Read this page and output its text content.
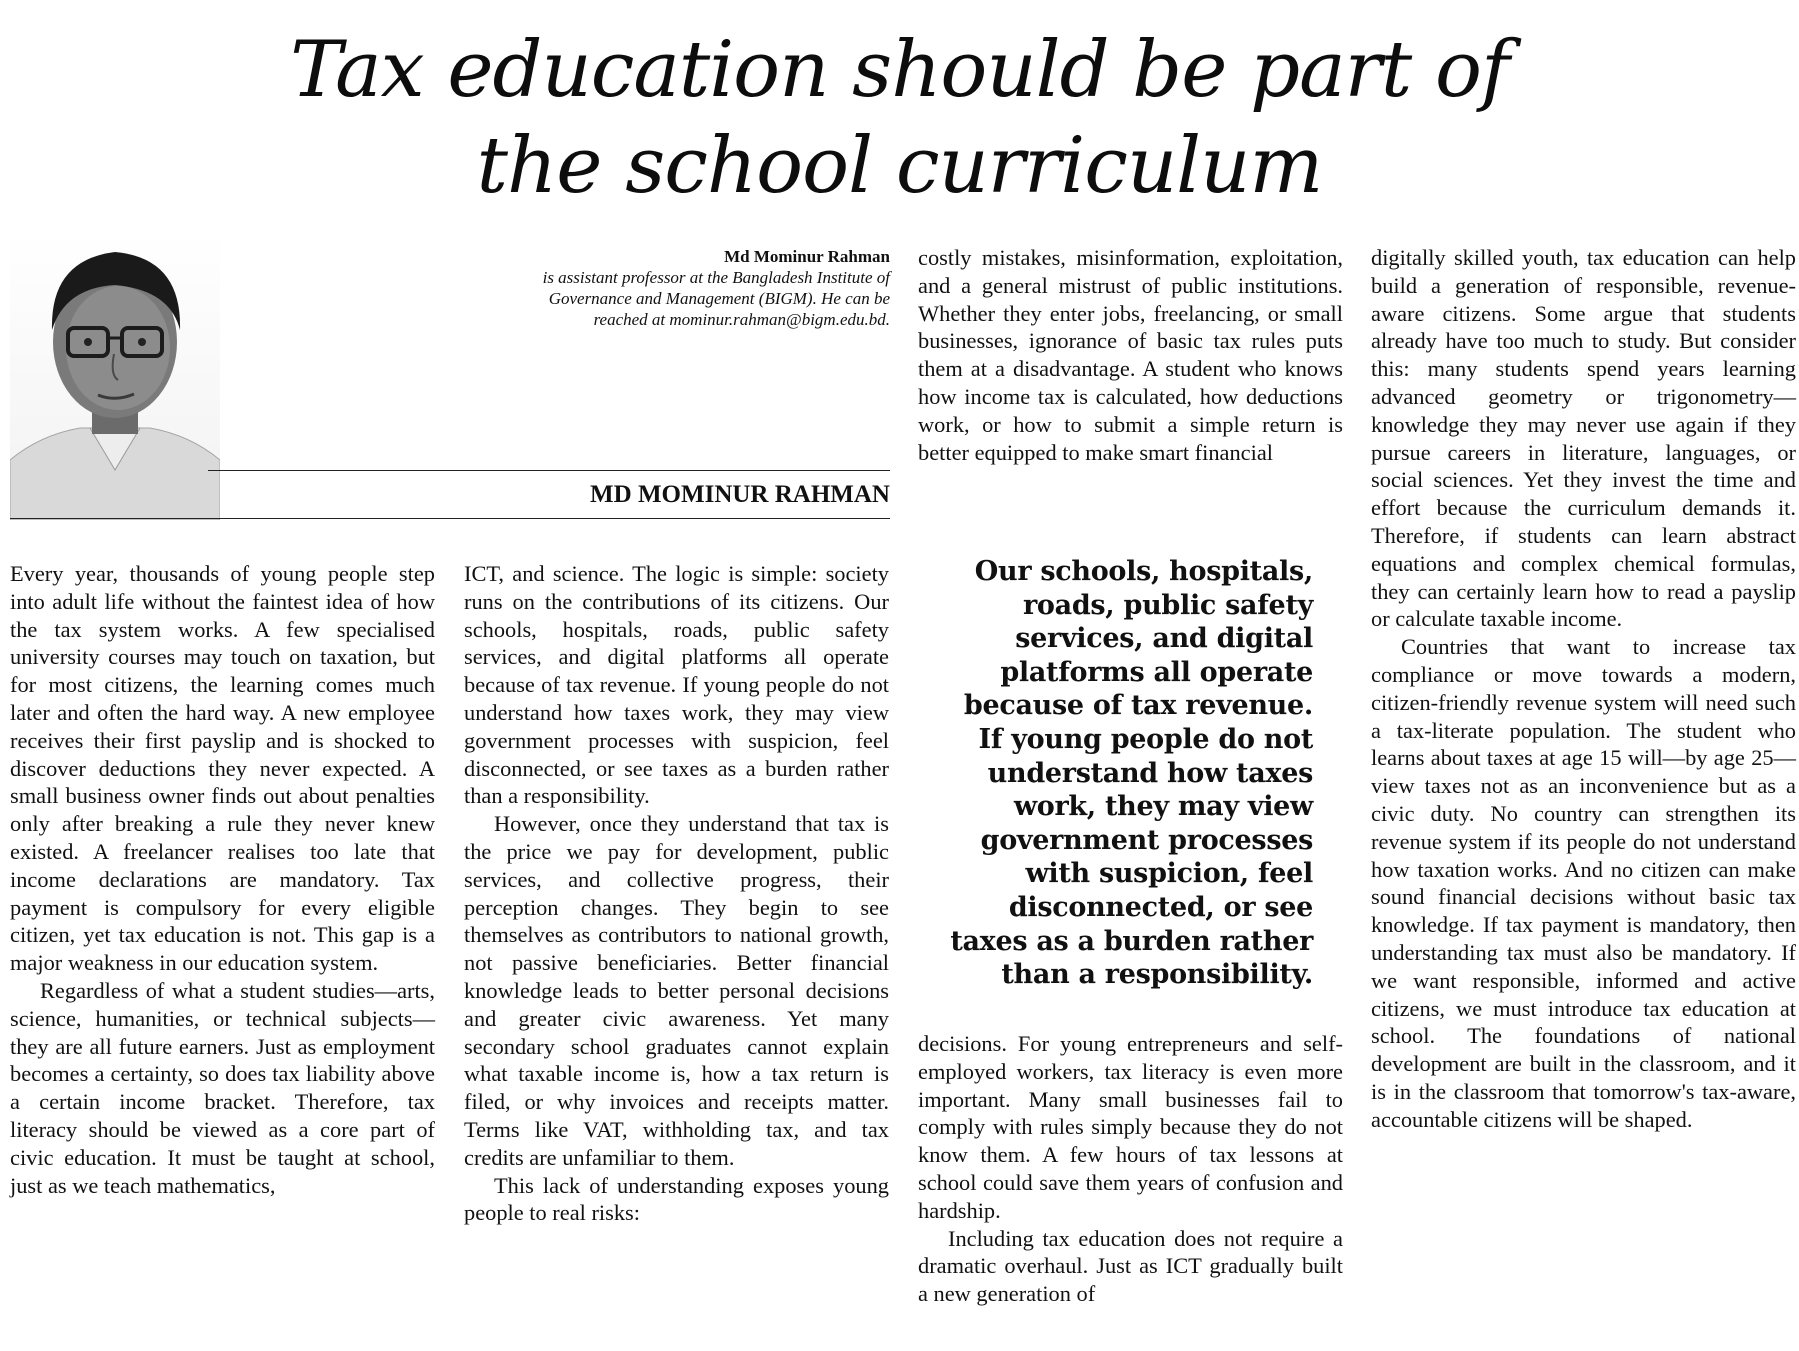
Tax education should be part of
the school curriculum
Md Mominur Rahman
is assistant professor at the Bangladesh Institute of Governance and Management (BIGM). He can be reached at mominur.rahman@bigm.edu.bd.
MD MOMINUR RAHMAN

Every year, thousands of young people step into adult life without the faintest idea of how the tax system works. A few specialised university courses may touch on taxation, but for most citizens, the learning comes much later and often the hard way. A new employee receives their first payslip and is shocked to discover deductions they never expected. A small business owner finds out about penalties only after breaking a rule they never knew existed. A freelancer realises too late that income declarations are mandatory. Tax payment is compulsory for every eligible citizen, yet tax education is not. This gap is a major weakness in our education system.

Regardless of what a student studies—arts, science, humanities, or technical subjects—they are all future earners. Just as employment becomes a certainty, so does tax liability above a certain income bracket. Therefore, tax literacy should be viewed as a core part of civic education. It must be taught at school, just as we teach mathematics,

ICT, and science. The logic is simple: society runs on the contributions of its citizens. Our schools, hospitals, roads, public safety services, and digital platforms all operate because of tax revenue. If young people do not understand how taxes work, they may view government processes with suspicion, feel disconnected, or see taxes as a burden rather than a responsibility.

However, once they understand that tax is the price we pay for development, public services, and collective progress, their perception changes. They begin to see themselves as contributors to national growth, not passive beneficiaries. Better financial knowledge leads to better personal decisions and greater civic awareness. Yet many secondary school graduates cannot explain what taxable income is, how a tax return is filed, or why invoices and receipts matter. Terms like VAT, withholding tax, and tax credits are unfamiliar to them.

This lack of understanding exposes young people to real risks:

costly mistakes, misinformation, exploitation, and a general mistrust of public institutions. Whether they enter jobs, freelancing, or small businesses, ignorance of basic tax rules puts them at a disadvantage. A student who knows how income tax is calculated, how deductions work, or how to submit a simple return is better equipped to make smart financial

Our schools, hospitals, roads, public safety services, and digital platforms all operate because of tax revenue. If young people do not understand how taxes work, they may view government processes with suspicion, feel disconnected, or see taxes as a burden rather than a responsibility.

decisions. For young entrepreneurs and self-employed workers, tax literacy is even more important. Many small businesses fail to comply with rules simply because they do not know them. A few hours of tax lessons at school could save them years of confusion and hardship.

Including tax education does not require a dramatic overhaul. Just as ICT gradually built a new generation of

digitally skilled youth, tax education can help build a generation of responsible, revenue-aware citizens. Some argue that students already have too much to study. But consider this: many students spend years learning advanced geometry or trigonometry—knowledge they may never use again if they pursue careers in literature, languages, or social sciences. Yet they invest the time and effort because the curriculum demands it. Therefore, if students can learn abstract equations and complex chemical formulas, they can certainly learn how to read a payslip or calculate taxable income.

Countries that want to increase tax compliance or move towards a modern, citizen-friendly revenue system will need such a tax-literate population. The student who learns about taxes at age 15 will—by age 25—view taxes not as an inconvenience but as a civic duty. No country can strengthen its revenue system if its people do not understand how taxation works. And no citizen can make sound financial decisions without basic tax knowledge. If tax payment is mandatory, then understanding tax must also be mandatory. If we want responsible, informed and active citizens, we must introduce tax education at school. The foundations of national development are built in the classroom, and it is in the classroom that tomorrow's tax-aware, accountable citizens will be shaped.
